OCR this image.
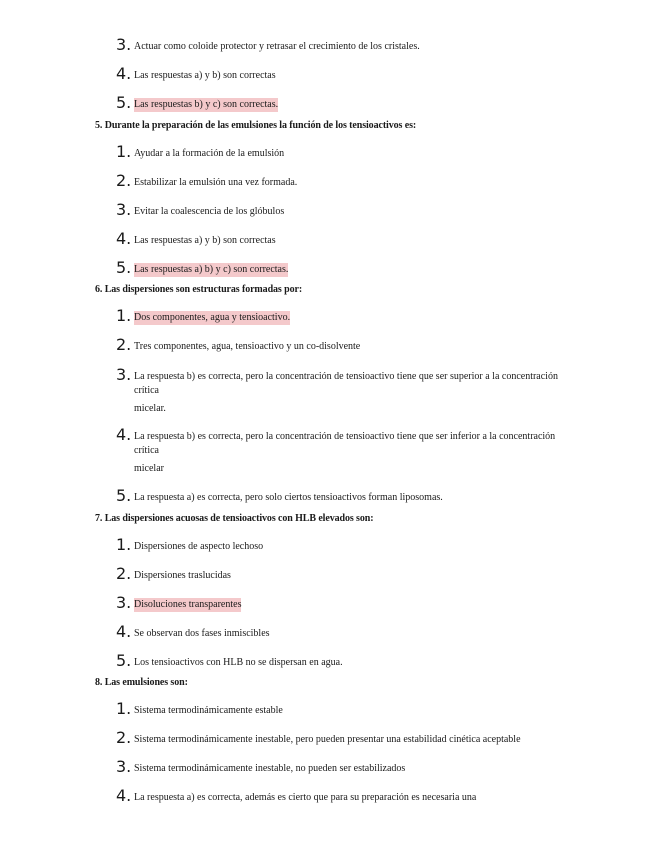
3. Actuar como coloide protector y retrasar el crecimiento de los cristales.
4. Las respuestas a) y b) son correctas
5. Las respuestas b) y c) son correctas.
5. Durante la preparación de las emulsiones la función de los tensioactivos es:
1. Ayudar a la formación de la emulsión
2. Estabilizar la emulsión una vez formada.
3. Evitar la coalescencia de los glóbulos
4. Las respuestas a) y b) son correctas
5. Las respuestas a) b) y c) son correctas.
6. Las dispersiones son estructuras formadas por:
1. Dos componentes, agua y tensioactivo.
2. Tres componentes, agua, tensioactivo y un co-disolvente
3. La respuesta b) es correcta, pero la concentración de tensioactivo tiene que ser superior a la concentración crítica
micelar.
4. La respuesta b) es correcta, pero la concentración de tensioactivo tiene que ser inferior a la concentración crítica
micelar
5. La respuesta a) es correcta, pero solo ciertos tensioactivos forman liposomas.
7. Las dispersiones acuosas de tensioactivos con HLB elevados son:
1. Dispersiones de aspecto lechoso
2. Dispersiones traslucidas
3. Disoluciones transparentes
4. Se observan dos fases inmiscibles
5. Los tensioactivos con HLB no se dispersan en agua.
8. Las emulsiones son:
1. Sistema termodinámicamente estable
2. Sistema termodinámicamente inestable, pero pueden presentar una estabilidad cinética aceptable
3. Sistema termodinámicamente inestable, no pueden ser estabilizados
4. La respuesta a) es correcta, además es cierto que para su preparación es necesaria una
